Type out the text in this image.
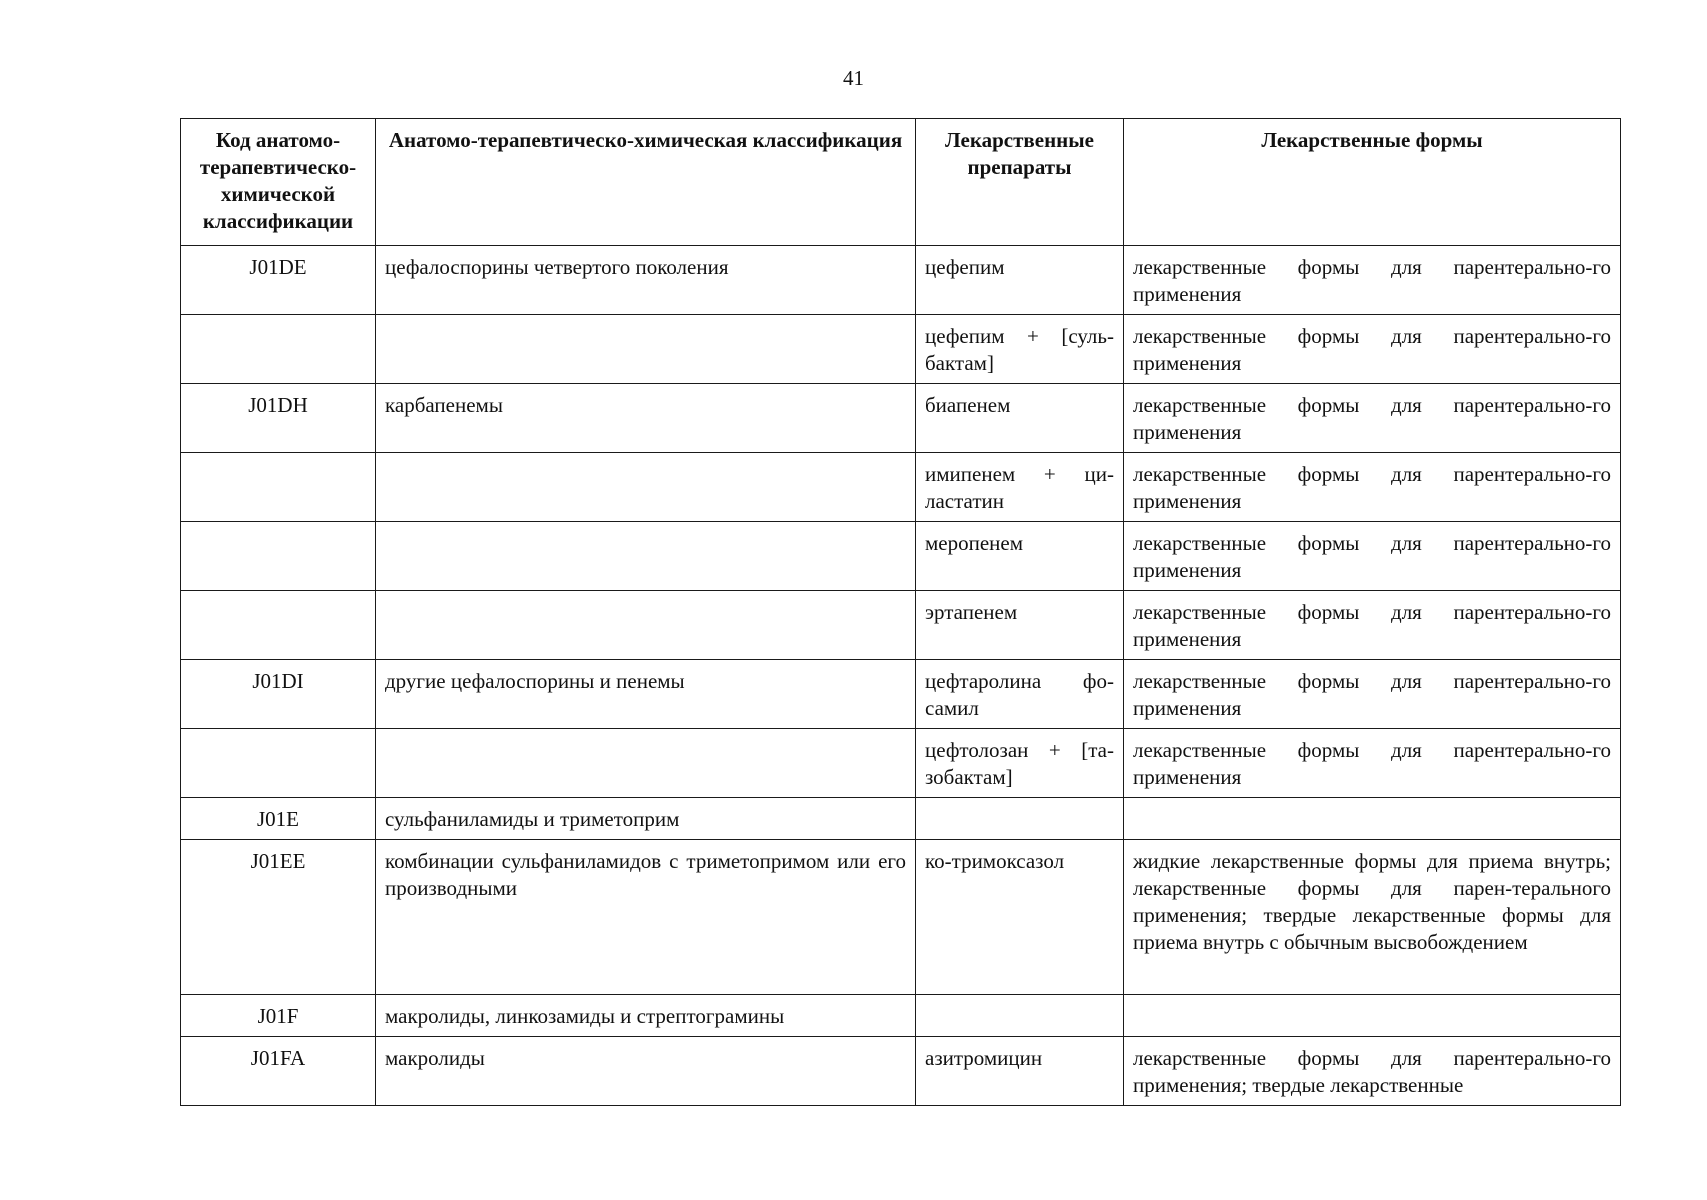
41
Код анатомо-терапевтическо-химической классификации	Анатомо-терапевтическо-химическая классификация	Лекарственные препараты	Лекарственные формы

J01DE	цефалоспорины четвертого поколения	цефепим	лекарственные формы для парентерально-го применения
		цефепим + [суль-бактам]	лекарственные формы для парентерально-го применения
J01DH	карбапенемы	биапенем	лекарственные формы для парентерально-го применения
		имипенем + ци-ластатин	лекарственные формы для парентерально-го применения
		меропенем	лекарственные формы для парентерально-го применения
		эртапенем	лекарственные формы для парентерально-го применения
J01DI	другие цефалоспорины и пенемы	цефтаролина фо-самил	лекарственные формы для парентерально-го применения
		цефтолозан + [та-зобактам]	лекарственные формы для парентерально-го применения
J01E	сульфаниламиды и триметоприм		
J01EE	комбинации сульфаниламидов с триметопримом или его производными	ко-тримоксазол	жидкие лекарственные формы для приема внутрь; лекарственные формы для парен-терального применения; твердые лекарственные формы для приема внутрь с обычным высвобождением
J01F	макролиды, линкозамиды и стрептограмины		
J01FA	макролиды	азитромицин	лекарственные формы для парентерально-го применения; твердые лекарственные
